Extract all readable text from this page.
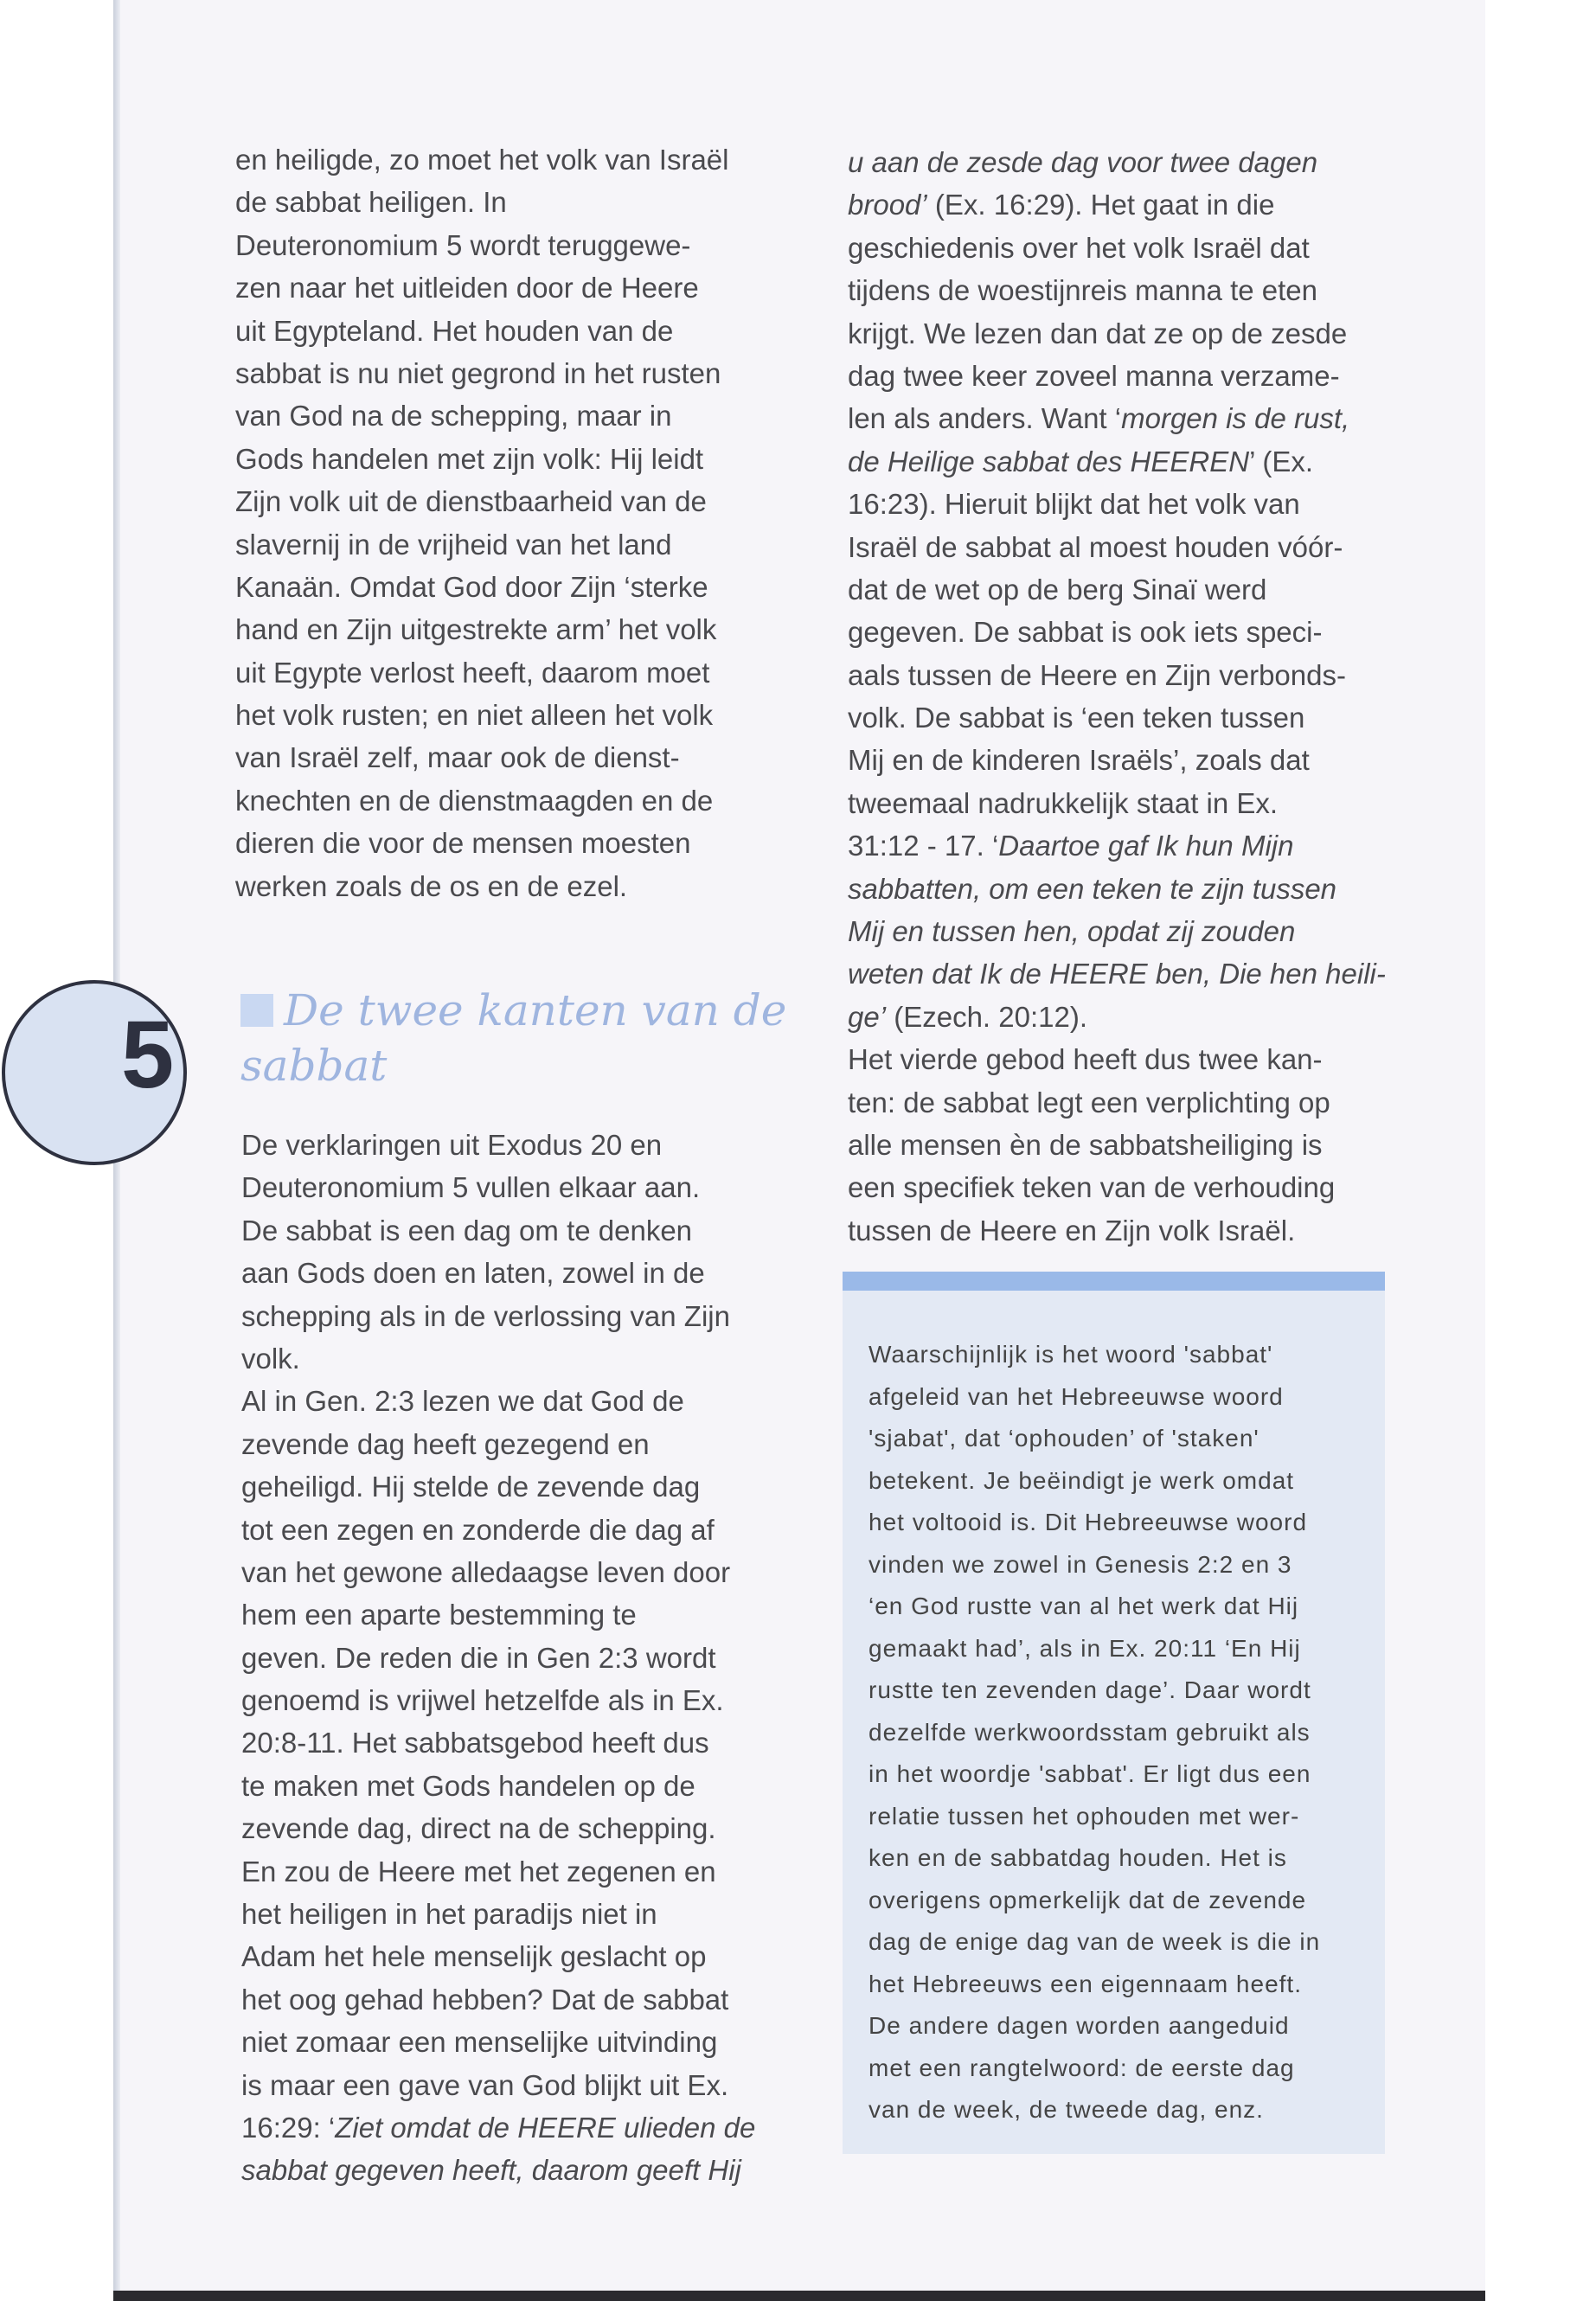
5
en heiligde, zo moet het volk van Israël
de sabbat heiligen. In
Deuteronomium 5 wordt teruggewe-
zen naar het uitleiden door de Heere
uit Egypteland. Het houden van de
sabbat is nu niet gegrond in het rusten
van God na de schepping, maar in
Gods handelen met zijn volk: Hij leidt
Zijn volk uit de dienstbaarheid van de
slavernij in de vrijheid van het land
Kanaän. Omdat God door Zijn ‘sterke
hand en Zijn uitgestrekte arm’ het volk
uit Egypte verlost heeft, daarom moet
het volk rusten; en niet alleen het volk
van Israël zelf, maar ook de dienst-
knechten en de dienstmaagden en de
dieren die voor de mensen moesten
werken zoals de os en de ezel.
De twee kanten van de
sabbat
De verklaringen uit Exodus 20 en
Deuteronomium 5 vullen elkaar aan.
De sabbat is een dag om te denken
aan Gods doen en laten, zowel in de
schepping als in de verlossing van Zijn
volk.
Al in Gen. 2:3 lezen we dat God de
zevende dag heeft gezegend en
geheiligd. Hij stelde de zevende dag
tot een zegen en zonderde die dag af
van het gewone alledaagse leven door
hem een aparte bestemming te
geven. De reden die in Gen 2:3 wordt
genoemd is vrijwel hetzelfde als in Ex.
20:8-11. Het sabbatsgebod heeft dus
te maken met Gods handelen op de
zevende dag, direct na de schepping.
En zou de Heere met het zegenen en
het heiligen in het paradijs niet in
Adam het hele menselijk geslacht op
het oog gehad hebben? Dat de sabbat
niet zomaar een menselijke uitvinding
is maar een gave van God blijkt uit Ex.
16:29: ‘Ziet omdat de HEERE ulieden de
sabbat gegeven heeft, daarom geeft Hij
u aan de zesde dag voor twee dagen
brood’ (Ex. 16:29). Het gaat in die
geschiedenis over het volk Israël dat
tijdens de woestijnreis manna te eten
krijgt. We lezen dan dat ze op de zesde
dag twee keer zoveel manna verzame-
len als anders. Want ‘morgen is de rust,
de Heilige sabbat des HEEREN’ (Ex.
16:23). Hieruit blijkt dat het volk van
Israël de sabbat al moest houden vóór-
dat de wet op de berg Sinaï werd
gegeven. De sabbat is ook iets speci-
aals tussen de Heere en Zijn verbonds-
volk. De sabbat is ‘een teken tussen
Mij en de kinderen Israëls’, zoals dat
tweemaal nadrukkelijk staat in Ex.
31:12 - 17. ‘Daartoe gaf Ik hun Mijn
sabbatten, om een teken te zijn tussen
Mij en tussen hen, opdat zij zouden
weten dat Ik de HEERE ben, Die hen heili-
ge’ (Ezech. 20:12).
Het vierde gebod heeft dus twee kan-
ten: de sabbat legt een verplichting op
alle mensen èn de sabbatsheiliging is
een specifiek teken van de verhouding
tussen de Heere en Zijn volk Israël.
Waarschijnlijk is het woord 'sabbat'
afgeleid van het Hebreeuwse woord
'sjabat', dat ‘ophouden’ of 'staken'
betekent. Je beëindigt je werk omdat
het voltooid is. Dit Hebreeuwse woord
vinden we zowel in Genesis 2:2 en 3
‘en God rustte van al het werk dat Hij
gemaakt had’, als in Ex. 20:11 ‘En Hij
rustte ten zevenden dage’. Daar wordt
dezelfde werkwoordsstam gebruikt als
in het woordje 'sabbat'. Er ligt dus een
relatie tussen het ophouden met wer-
ken en de sabbatdag houden. Het is
overigens opmerkelijk dat de zevende
dag de enige dag van de week is die in
het Hebreeuws een eigennaam heeft.
De andere dagen worden aangeduid
met een rangtelwoord: de eerste dag
van de week, de tweede dag, enz.
